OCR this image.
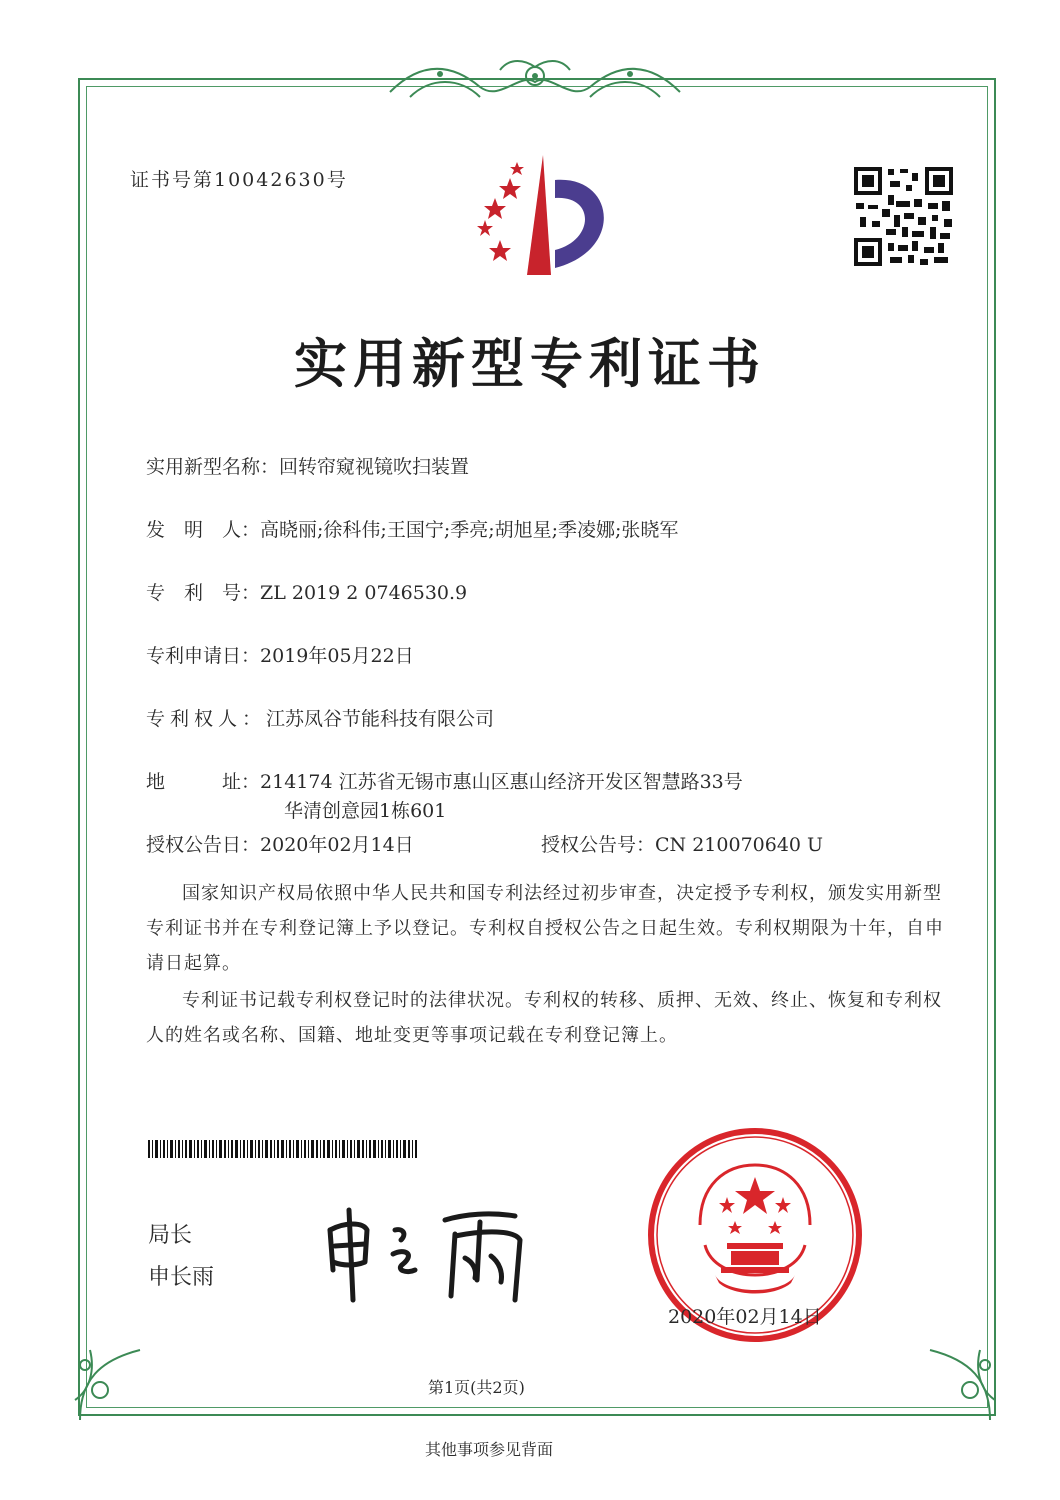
证书号第10042630号
实用新型专利证书
实用新型名称：回转帘窥视镜吹扫装置
发　明　人：高晓丽;徐科伟;王国宁;季亮;胡旭星;季凌娜;张晓军
专　利　号：ZL 2019 2 0746530.9
专利申请日：2019年05月22日
专利权人：江苏凤谷节能科技有限公司
地　　　址：214174 江苏省无锡市惠山区惠山经济开发区智慧路33号
华清创意园1栋601
授权公告日：2020年02月14日	授权公告号：CN 210070640 U
国家知识产权局依照中华人民共和国专利法经过初步审查，决定授予专利权，颁发实用新型专利证书并在专利登记簿上予以登记。专利权自授权公告之日起生效。专利权期限为十年，自申请日起算。
专利证书记载专利权登记时的法律状况。专利权的转移、质押、无效、终止、恢复和专利权人的姓名或名称、国籍、地址变更等事项记载在专利登记簿上。
局长
申长雨
2020年02月14日
第1页(共2页)
其他事项参见背面
